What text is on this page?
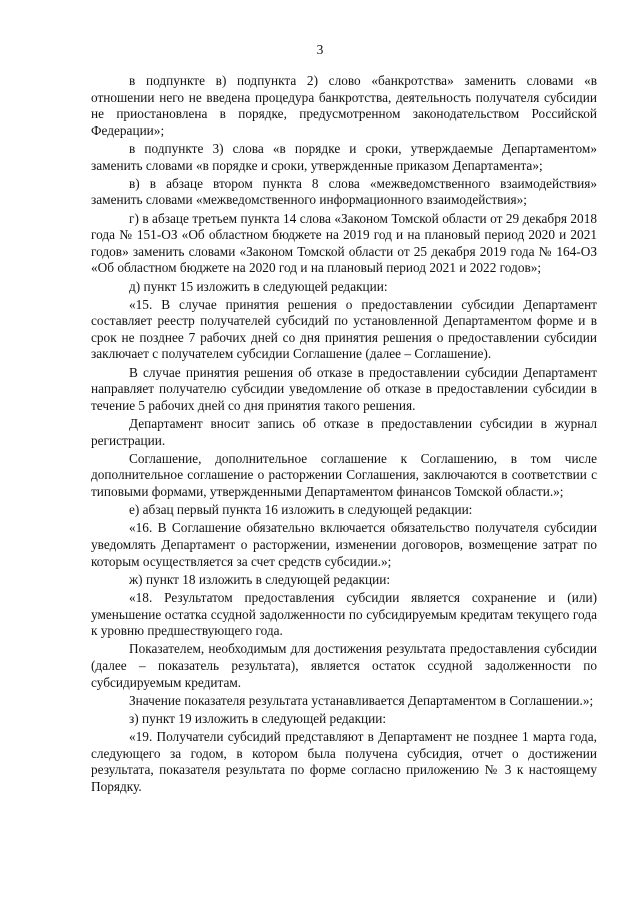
3

в подпункте в) подпункта 2) слово «банкротства» заменить словами «в отношении него не введена процедура банкротства, деятельность получателя субсидии не приостановлена в порядке, предусмотренном законодательством Российской Федерации»;

в подпункте 3) слова «в порядке и сроки, утверждаемые Департаментом» заменить словами «в порядке и сроки, утвержденные приказом Департамента»;

в) в абзаце втором пункта 8 слова «межведомственного взаимодействия» заменить словами «межведомственного информационного взаимодействия»;

г) в абзаце третьем пункта 14 слова «Законом Томской области от 29 декабря 2018 года № 151-ОЗ «Об областном бюджете на 2019 год и на плановый период 2020 и 2021 годов» заменить словами «Законом Томской области от 25 декабря 2019 года № 164-ОЗ «Об областном бюджете на 2020 год и на плановый период 2021 и 2022 годов»;

д) пункт 15 изложить в следующей редакции:

«15. В случае принятия решения о предоставлении субсидии Департамент составляет реестр получателей субсидий по установленной Департаментом форме и в срок не позднее 7 рабочих дней со дня принятия решения о предоставлении субсидии заключает с получателем субсидии Соглашение (далее – Соглашение).

В случае принятия решения об отказе в предоставлении субсидии Департамент направляет получателю субсидии уведомление об отказе в предоставлении субсидии в течение 5 рабочих дней со дня принятия такого решения.

Департамент вносит запись об отказе в предоставлении субсидии в журнал регистрации.

Соглашение, дополнительное соглашение к Соглашению, в том числе дополнительное соглашение о расторжении Соглашения, заключаются в соответствии с типовыми формами, утвержденными Департаментом финансов Томской области.»;

е) абзац первый пункта 16 изложить в следующей редакции:

«16. В Соглашение обязательно включается обязательство получателя субсидии уведомлять Департамент о расторжении, изменении договоров, возмещение затрат по которым осуществляется за счет средств субсидии.»;

ж) пункт 18 изложить в следующей редакции:

«18. Результатом предоставления субсидии является сохранение и (или) уменьшение остатка ссудной задолженности по субсидируемым кредитам текущего года к уровню предшествующего года.

Показателем, необходимым для достижения результата предоставления субсидии (далее – показатель результата), является остаток ссудной задолженности по субсидируемым кредитам.

Значение показателя результата устанавливается Департаментом в Соглашении.»;

з) пункт 19 изложить в следующей редакции:

«19. Получатели субсидий представляют в Департамент не позднее 1 марта года, следующего за годом, в котором была получена субсидия, отчет о достижении результата, показателя результата по форме согласно приложению № 3 к настоящему Порядку.
